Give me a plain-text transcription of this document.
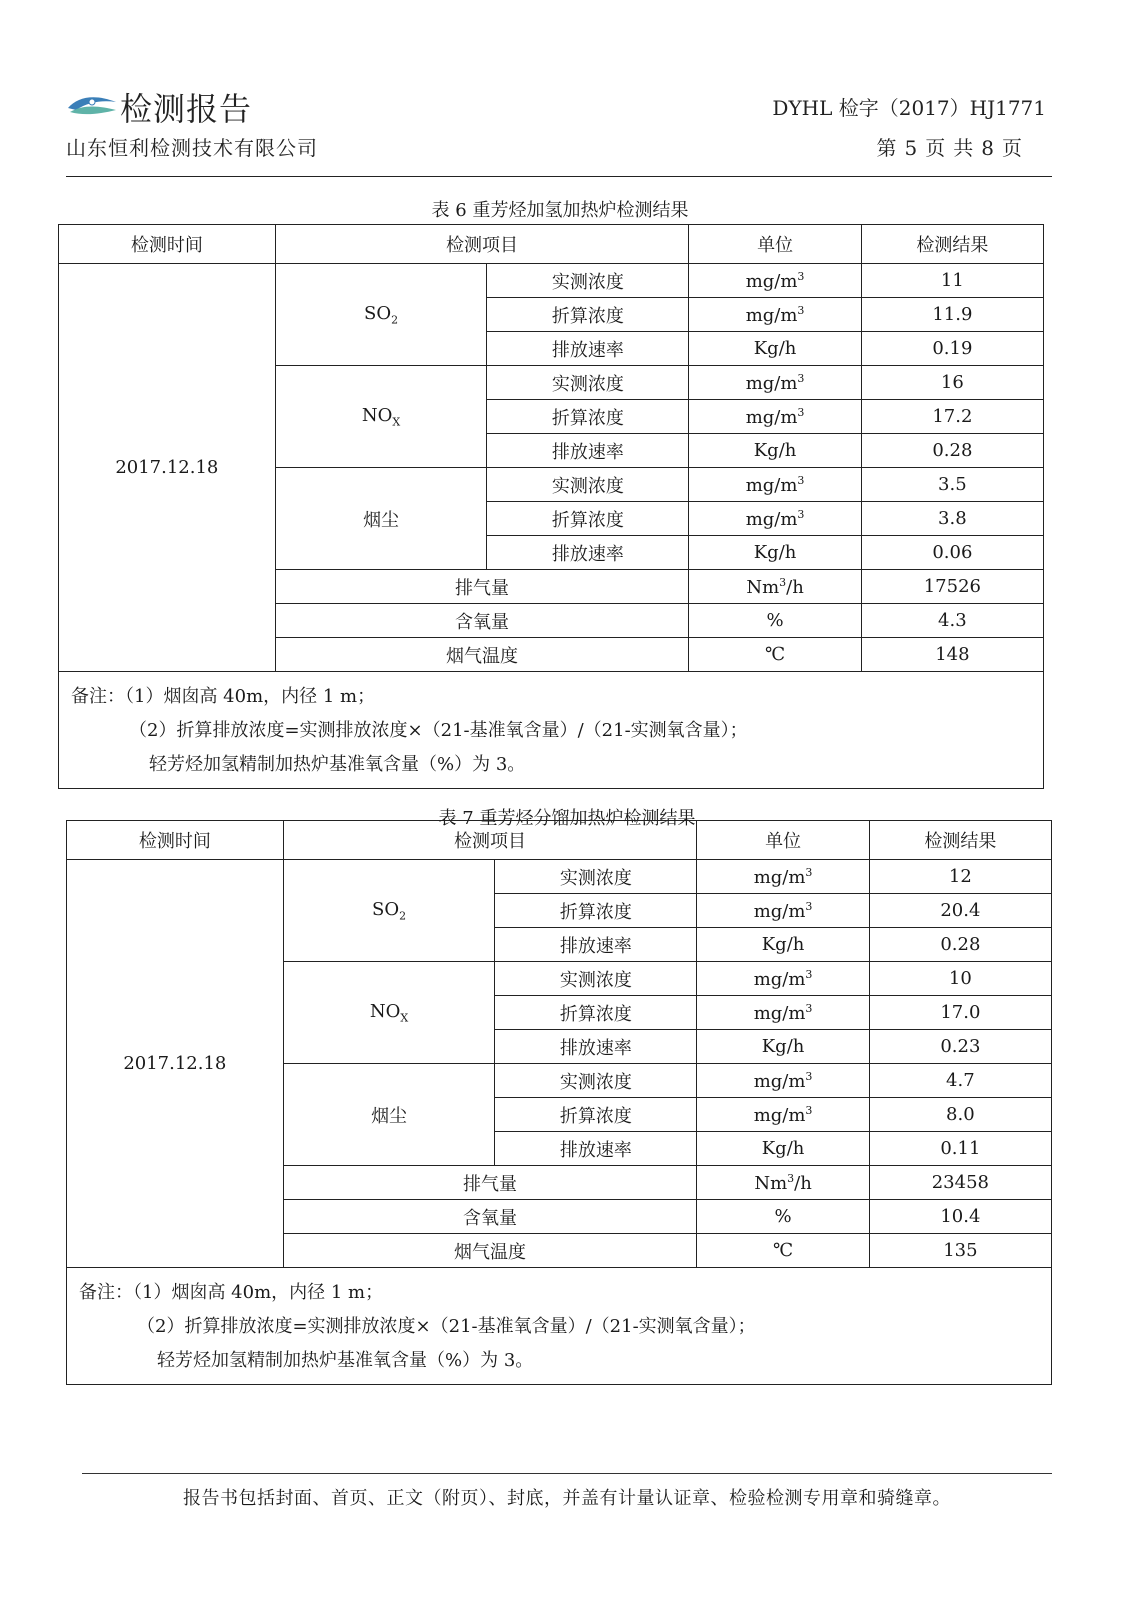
检测报告
山东恒利检测技术有限公司
DYHL 检字（2017）HJ1771
第 5 页 共 8 页
表 6 重芳烃加氢加热炉检测结果
检测时间	检测项目		单位	检测结果
2017.12.18	$SO_2$	实测浓度	$mg/m^3$	11
		折算浓度	$mg/m^3$	11.9
		排放速率	Kg/h	0.19
	$NO_X$	实测浓度	$mg/m^3$	16
		折算浓度	$mg/m^3$	17.2
		排放速率	Kg/h	0.28
	烟尘	实测浓度	$mg/m^3$	3.5
		折算浓度	$mg/m^3$	3.8
		排放速率	Kg/h	0.06
	排气量		Nm$^3$/h	17526
	含氧量		%	4.3
	烟气温度		℃	148

备注：（1）烟囱高 40m，内径 1 m；
（2）折算排放浓度=实测排放浓度×（21-基准氧含量）/（21-实测氧含量）；
轻芳烃加氢精制加热炉基准氧含量（%）为 3。				
表 7 重芳烃分馏加热炉检测结果
检测时间	检测项目		单位	检测结果
2017.12.18	$SO_2$	实测浓度	$mg/m^3$	12
		折算浓度	$mg/m^3$	20.4
		排放速率	Kg/h	0.28
	$NO_X$	实测浓度	$mg/m^3$	10
		折算浓度	$mg/m^3$	17.0
		排放速率	Kg/h	0.23
	烟尘	实测浓度	$mg/m^3$	4.7
		折算浓度	$mg/m^3$	8.0
		排放速率	Kg/h	0.11
	排气量		Nm$^3$/h	23458
	含氧量		%	10.4
	烟气温度		℃	135

备注：（1）烟囱高 40m，内径 1 m；
（2）折算排放浓度=实测排放浓度×（21-基准氧含量）/（21-实测氧含量）；
轻芳烃加氢精制加热炉基准氧含量（%）为 3。				
报告书包括封面、首页、正文（附页）、封底，并盖有计量认证章、检验检测专用章和骑缝章。
